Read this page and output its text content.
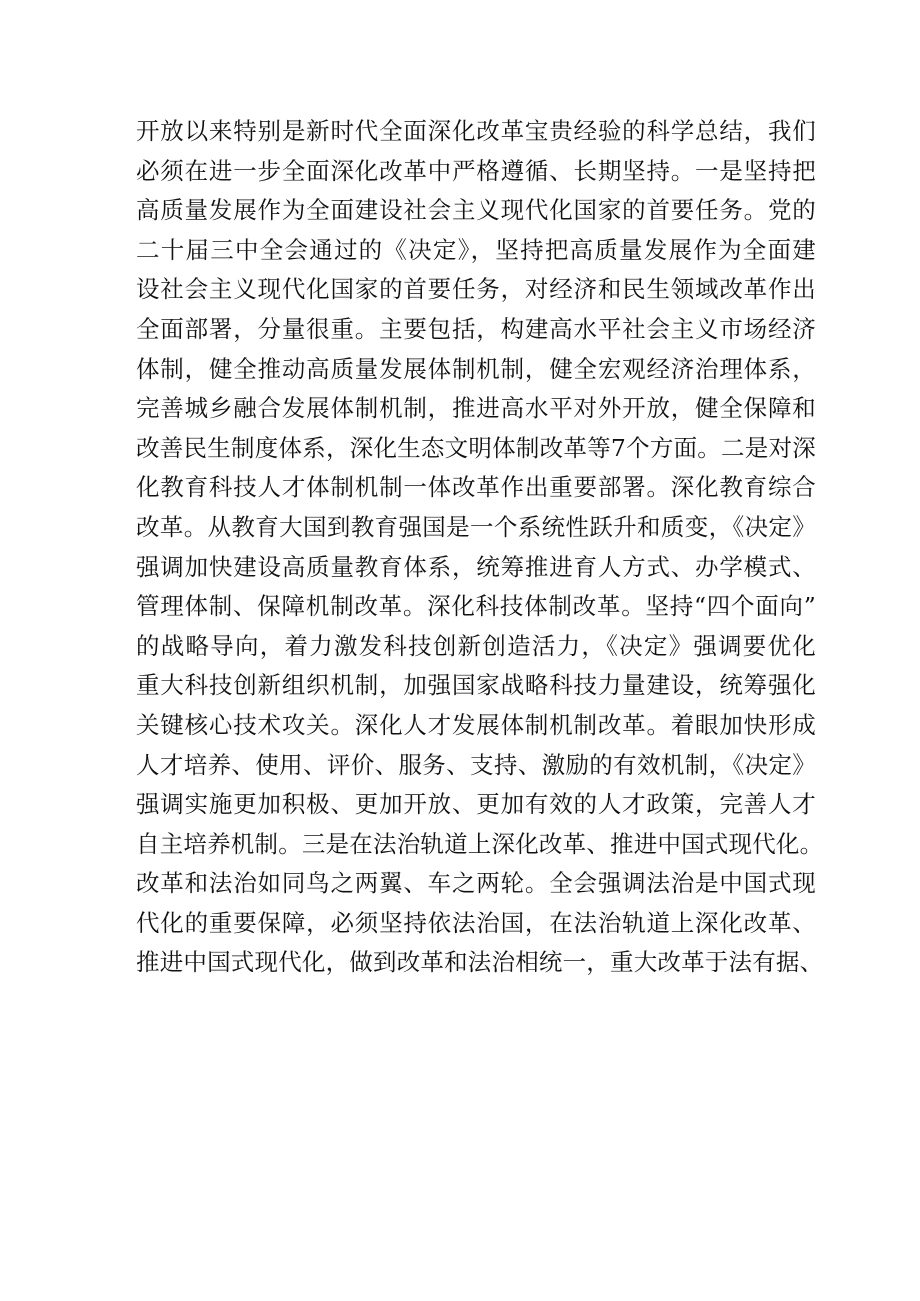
开放以来特别是新时代全面深化改革宝贵经验的科学总结，我们
必须在进一步全面深化改革中严格遵循、长期坚持。一是坚持把
高质量发展作为全面建设社会主义现代化国家的首要任务。党的
二十届三中全会通过的《决定》，坚持把高质量发展作为全面建
设社会主义现代化国家的首要任务，对经济和民生领域改革作出
全面部署，分量很重。主要包括，构建高水平社会主义市场经济
体制，健全推动高质量发展体制机制，健全宏观经济治理体系，
完善城乡融合发展体制机制，推进高水平对外开放，健全保障和
改善民生制度体系，深化生态文明体制改革等7个方面。二是对深
化教育科技人才体制机制一体改革作出重要部署。深化教育综合
改革。从教育大国到教育强国是一个系统性跃升和质变，《决定》
强调加快建设高质量教育体系，统筹推进育人方式、办学模式、
管理体制、保障机制改革。深化科技体制改革。坚持“四个面向”
的战略导向，着力激发科技创新创造活力，《决定》强调要优化
重大科技创新组织机制，加强国家战略科技力量建设，统筹强化
关键核心技术攻关。深化人才发展体制机制改革。着眼加快形成
人才培养、使用、评价、服务、支持、激励的有效机制，《决定》
强调实施更加积极、更加开放、更加有效的人才政策，完善人才
自主培养机制。三是在法治轨道上深化改革、推进中国式现代化。
改革和法治如同鸟之两翼、车之两轮。全会强调法治是中国式现
代化的重要保障，必须坚持依法治国，在法治轨道上深化改革、
推进中国式现代化，做到改革和法治相统一，重大改革于法有据、
